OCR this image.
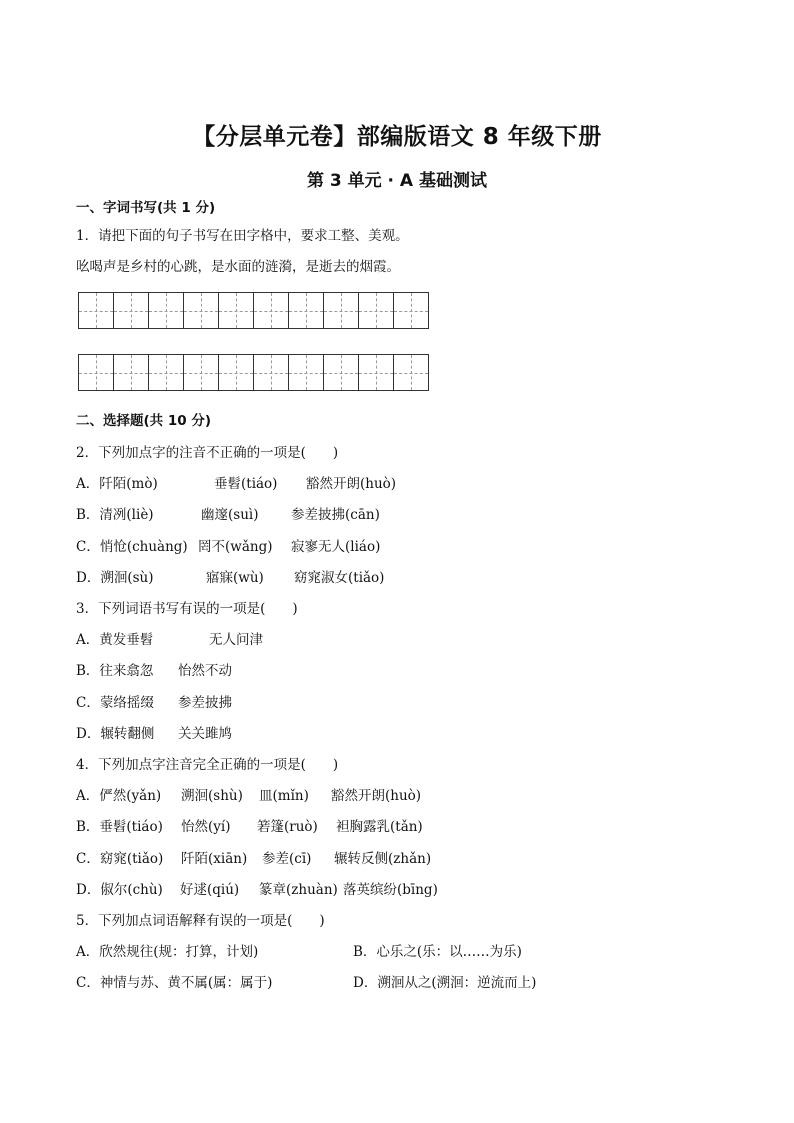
【分层单元卷】部编版语文 8 年级下册
第 3 单元 · A 基础测试
一、字词书写(共 1 分)
1．请把下面的句子书写在田字格中，要求工整、美观。
吆喝声是乡村的心跳，是水面的涟漪，是逝去的烟霞。
二、选择题(共 10 分)
2．下列加点字的注音不正确的一项是(　　)
A．阡陌(mò)	垂髫(tiáo) 豁然开朗(huò)
B．清冽(liè)	幽邃(suì) 参差披拂(cān)
C．悄怆(chuàng) 罔不(wǎng) 寂寥无人(liáo)
D．溯洄(sù)	寤寐(wù) 窈窕淑女(tiǎo)
3．下列词语书写有误的一项是(　　)
A．黄发垂髫	无人问津
B．往来翕忽 怡然不动
C．蒙络摇缀 参差披拂
D．辗转翻侧 关关雎鸠
4．下列加点字注音完全正确的一项是(　　)
A．俨然(yǎn) 溯洄(shù) 皿(mǐn) 豁然开朗(huò)
B．垂髫(tiáo) 怡然(yí) 箬篷(ruò) 袒胸露乳(tǎn)
C．窈窕(tiǎo) 阡陌(xiān) 参差(cī) 辗转反侧(zhǎn)
D．俶尔(chù) 好逑(qiú) 篆章(zhuàn) 落英缤纷(bīng)
5．下列加点词语解释有误的一项是(　　)
A．欣然规往(规：打算，计划)	B．心乐之(乐：以……为乐)
C．神情与苏、黄不属(属：属于)	D．溯洄从之(溯洄：逆流而上)
